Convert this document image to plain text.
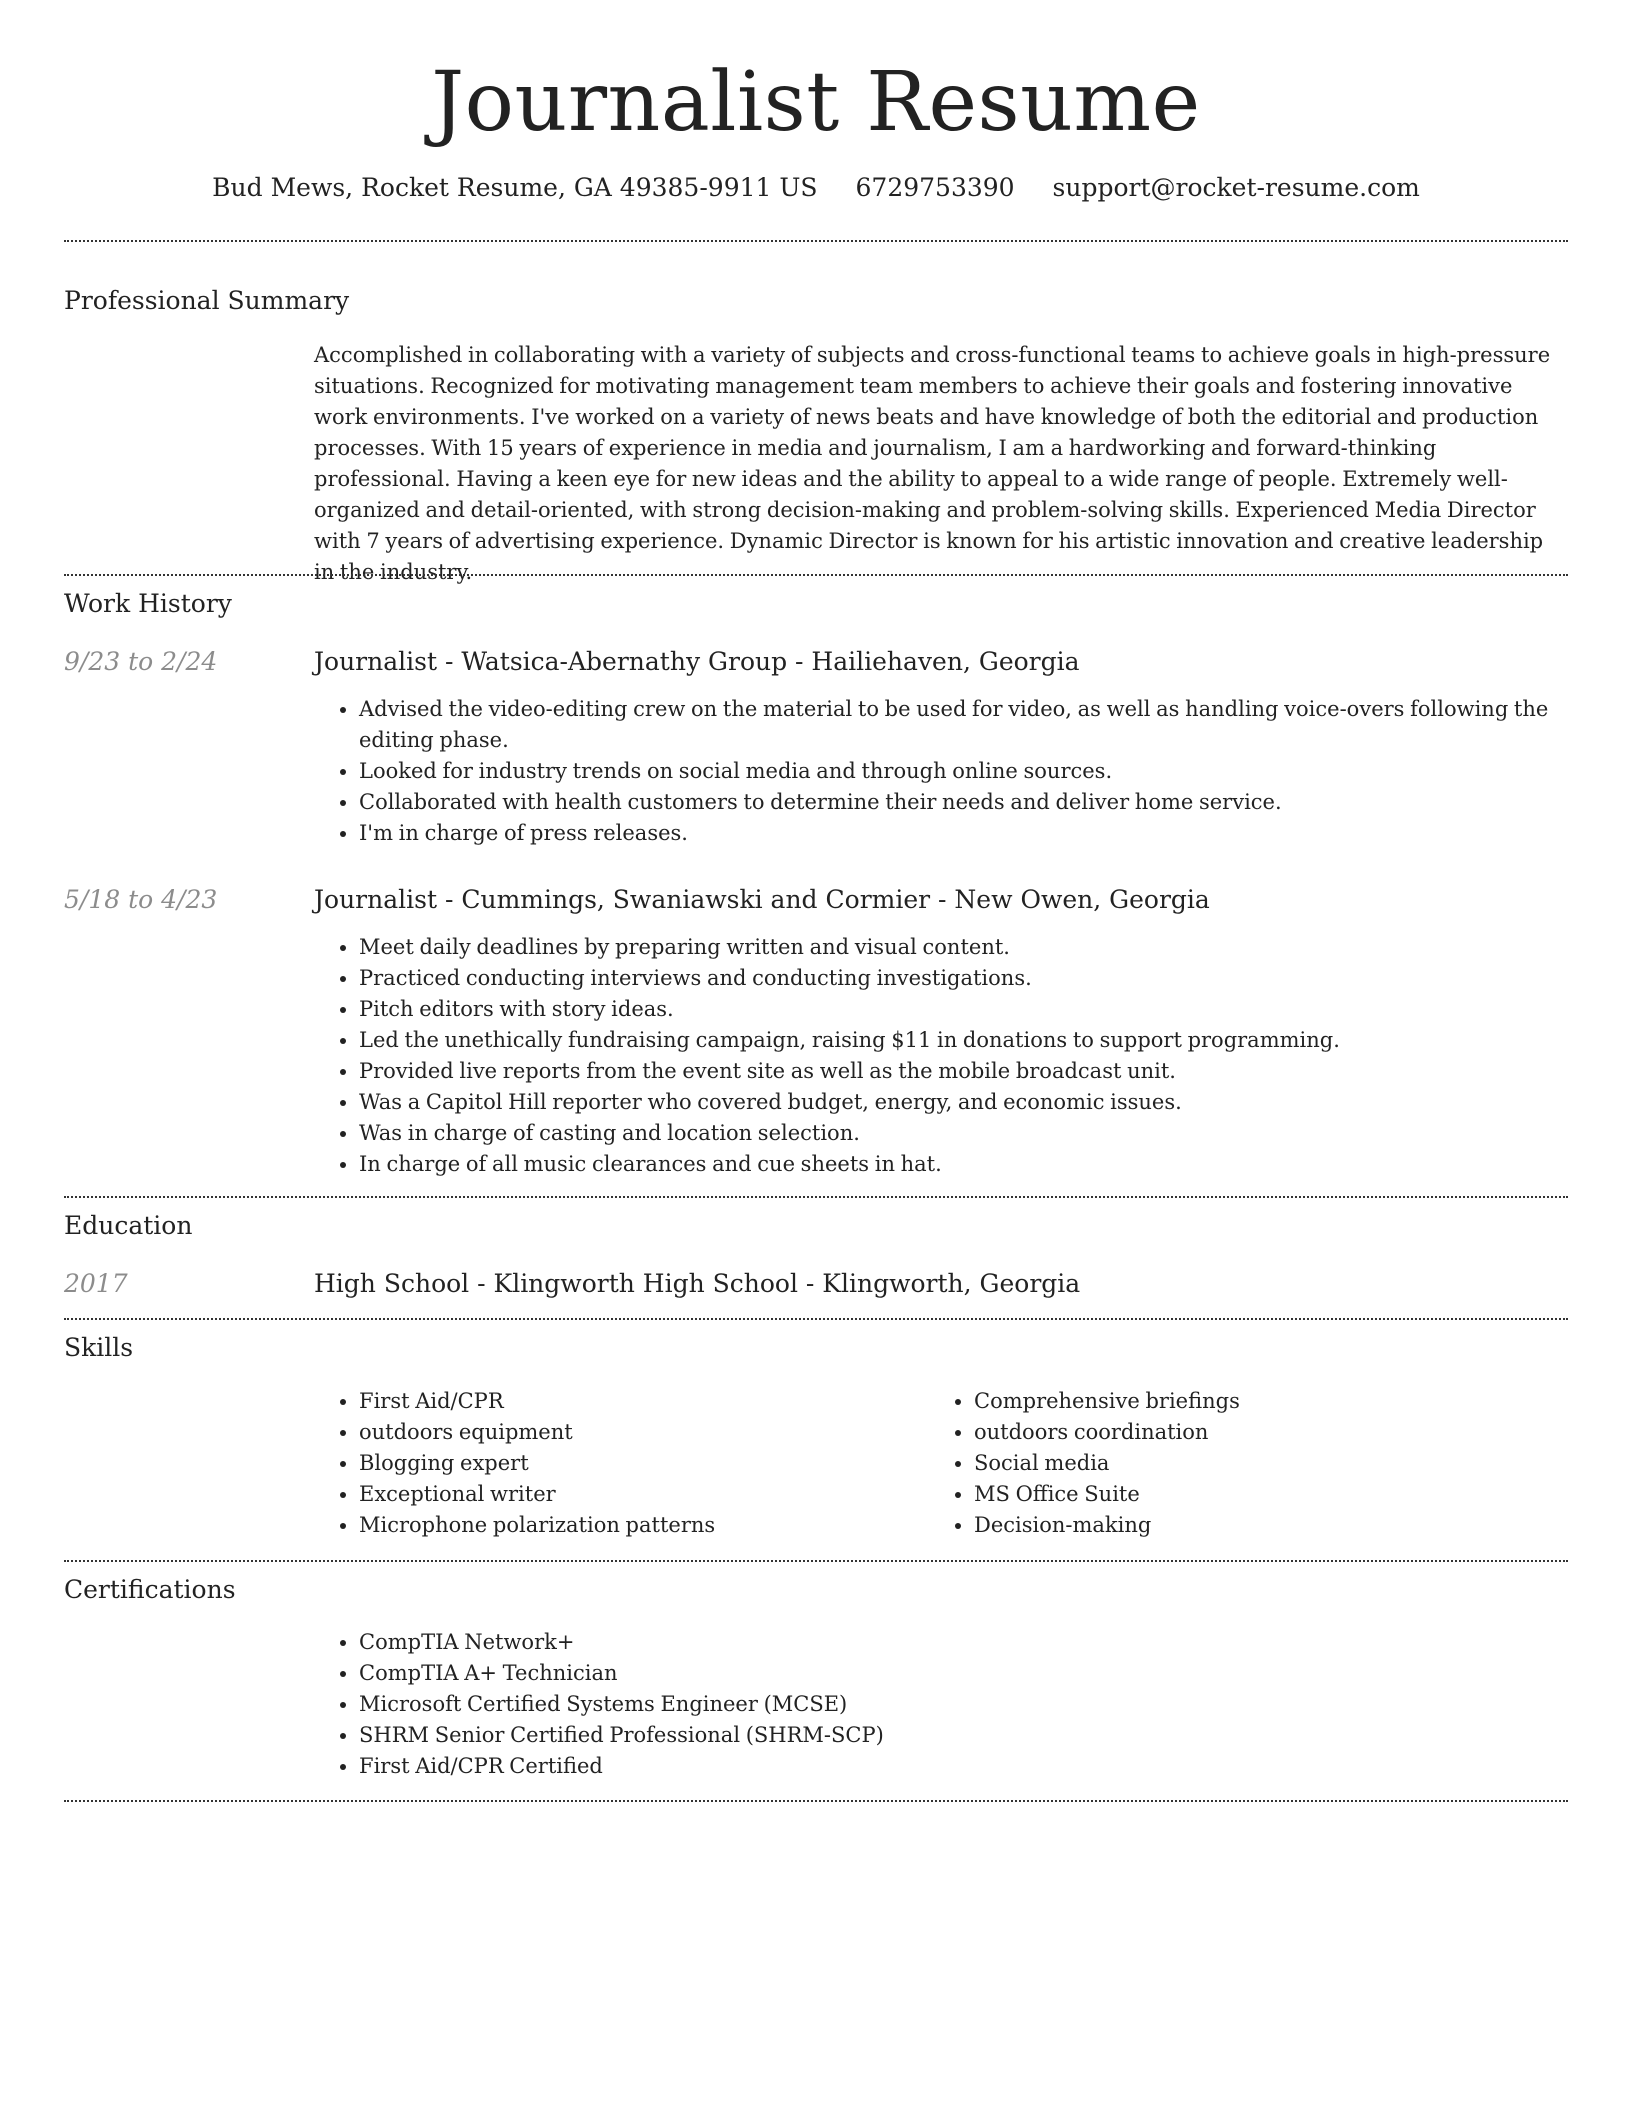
Journalist Resume
Bud Mews, Rocket Resume, GA 49385-9911 US 6729753390 support@rocket-resume.com
Professional Summary

Accomplished in collaborating with a variety of subjects and cross-functional teams to achieve goals in high-pressure situations. Recognized for motivating management team members to achieve their goals and fostering innovative work environments. I've worked on a variety of news beats and have knowledge of both the editorial and production processes. With 15 years of experience in media and journalism, I am a hardworking and forward-thinking professional. Having a keen eye for new ideas and the ability to appeal to a wide range of people. Extremely well-organized and detail-oriented, with strong decision-making and problem-solving skills. Experienced Media Director with 7 years of advertising experience. Dynamic Director is known for his artistic innovation and creative leadership in the industry.

Work History
9/23 to 2/24	Journalist - Watsica-Abernathy Group - Hailiehaven, Georgia
• Advised the video-editing crew on the material to be used for video, as well as handling voice-overs following the editing phase.
• Looked for industry trends on social media and through online sources.
• Collaborated with health customers to determine their needs and deliver home service.
• I'm in charge of press releases.
5/18 to 4/23	Journalist - Cummings, Swaniawski and Cormier - New Owen, Georgia
• Meet daily deadlines by preparing written and visual content.
• Practiced conducting interviews and conducting investigations.
• Pitch editors with story ideas.
• Led the unethically fundraising campaign, raising $11 in donations to support programming.
• Provided live reports from the event site as well as the mobile broadcast unit.
• Was a Capitol Hill reporter who covered budget, energy, and economic issues.
• Was in charge of casting and location selection.
• In charge of all music clearances and cue sheets in hat.
Education
2017	High School - Klingworth High School - Klingworth, Georgia
Skills
• First Aid/CPR
• outdoors equipment
• Blogging expert
• Exceptional writer
• Microphone polarization patterns
• Comprehensive briefings
• outdoors coordination
• Social media
• MS Office Suite
• Decision-making
Certifications
• CompTIA Network+
• CompTIA A+ Technician
• Microsoft Certified Systems Engineer (MCSE)
• SHRM Senior Certified Professional (SHRM-SCP)
• First Aid/CPR Certified
